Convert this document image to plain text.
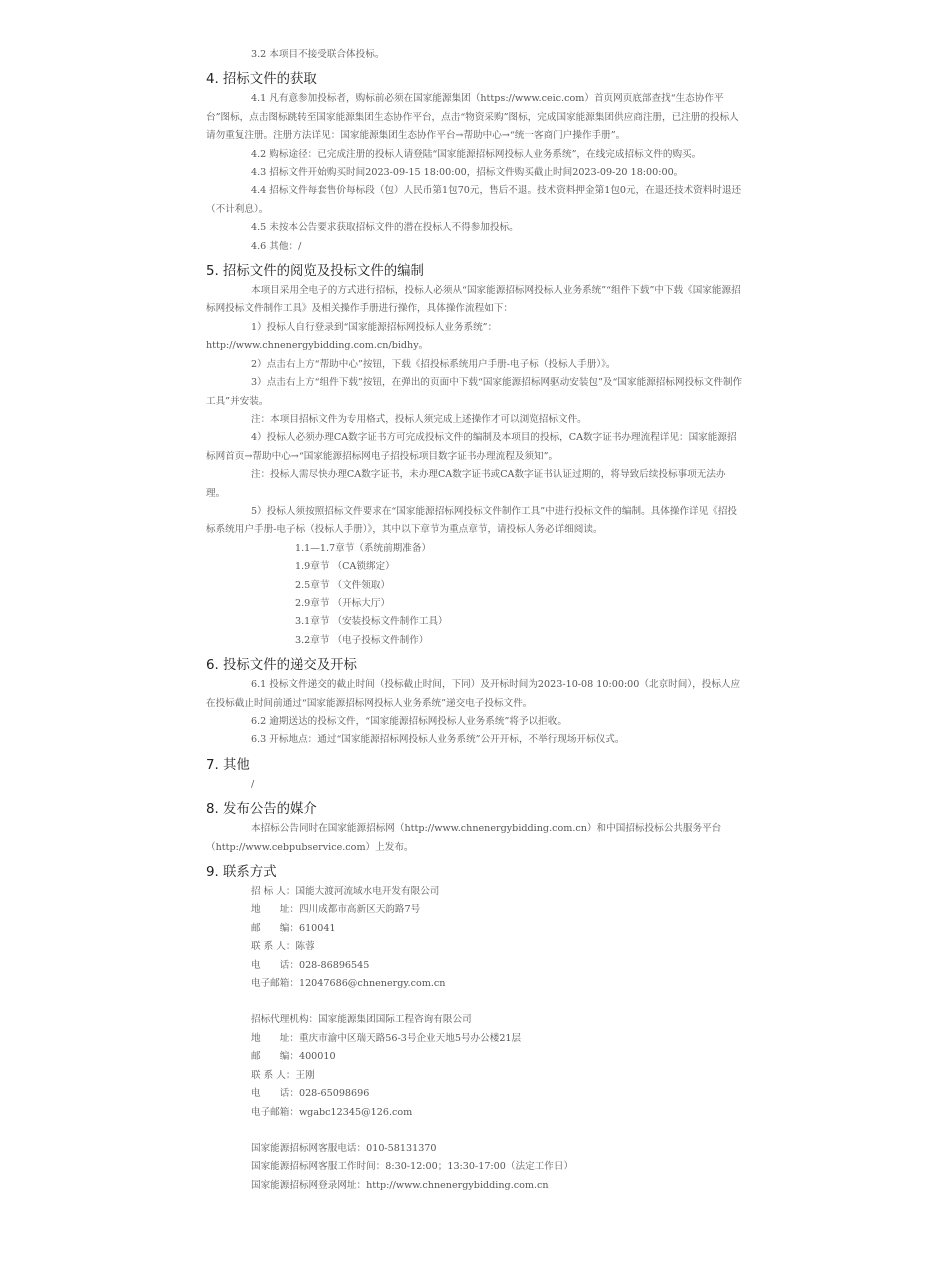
3.2 本项目不接受联合体投标。

4. 招标文件的获取

4.1 凡有意参加投标者，购标前必须在国家能源集团（https://www.ceic.com）首页网页底部查找“生态协作平台”图标，点击图标跳转至国家能源集团生态协作平台，点击“物资采购”图标，完成国家能源集团供应商注册，已注册的投标人请勿重复注册。注册方法详见：国家能源集团生态协作平台→帮助中心→“统一客商门户操作手册”。

4.2 购标途径：已完成注册的投标人请登陆“国家能源招标网投标人业务系统”，在线完成招标文件的购买。

4.3 招标文件开始购买时间2023-09-15 18:00:00，招标文件购买截止时间2023-09-20 18:00:00。

4.4 招标文件每套售价每标段（包）人民币第1包70元，售后不退。技术资料押金第1包0元，在退还技术资料时退还（不计利息）。

4.5 未按本公告要求获取招标文件的潜在投标人不得参加投标。

4.6 其他：/

5. 招标文件的阅览及投标文件的编制

本项目采用全电子的方式进行招标，投标人必须从“国家能源招标网投标人业务系统”“组件下载”中下载《国家能源招标网投标文件制作工具》及相关操作手册进行操作，具体操作流程如下：

1）投标人自行登录到“国家能源招标网投标人业务系统”：

http://www.chnenergybidding.com.cn/bidhy。

2）点击右上方“帮助中心”按钮，下载《招投标系统用户手册-电子标（投标人手册）》。

3）点击右上方“组件下载”按钮，在弹出的页面中下载“国家能源招标网驱动安装包”及“国家能源招标网投标文件制作工具”并安装。

注：本项目招标文件为专用格式，投标人须完成上述操作才可以浏览招标文件。

4）投标人必须办理CA数字证书方可完成投标文件的编制及本项目的投标，CA数字证书办理流程详见：国家能源招标网首页→帮助中心→“国家能源招标网电子招投标项目数字证书办理流程及须知”。

注：投标人需尽快办理CA数字证书，未办理CA数字证书或CA数字证书认证过期的，将导致后续投标事项无法办理。

5）投标人须按照招标文件要求在“国家能源招标网投标文件制作工具”中进行投标文件的编制。具体操作详见《招投标系统用户手册-电子标（投标人手册）》，其中以下章节为重点章节，请投标人务必详细阅读。

1.1—1.7章节（系统前期准备）

1.9章节 （CA锁绑定）

2.5章节 （文件领取）

2.9章节 （开标大厅）

3.1章节 （安装投标文件制作工具）

3.2章节 （电子投标文件制作）

6. 投标文件的递交及开标

6.1 投标文件递交的截止时间（投标截止时间，下同）及开标时间为2023-10-08 10:00:00（北京时间），投标人应在投标截止时间前通过“国家能源招标网投标人业务系统”递交电子投标文件。

6.2 逾期送达的投标文件，“国家能源招标网投标人业务系统”将予以拒收。

6.3 开标地点：通过“国家能源招标网投标人业务系统”公开开标，不举行现场开标仪式。

7. 其他

/

8. 发布公告的媒介

本招标公告同时在国家能源招标网（http://www.chnenergybidding.com.cn）和中国招标投标公共服务平台（http://www.cebpubservice.com）上发布。

9. 联系方式

招 标 人：国能大渡河流域水电开发有限公司

地　　址：四川成都市高新区天韵路7号

邮　　编：610041

联 系 人：陈蓉

电　　话：028-86896545

电子邮箱：12047686@chnenergy.com.cn

招标代理机构：国家能源集团国际工程咨询有限公司

地　　址：重庆市渝中区瑞天路56-3号企业天地5号办公楼21层

邮　　编：400010

联 系 人：王刚

电　　话：028-65098696

电子邮箱：wgabc12345@126.com

国家能源招标网客服电话：010-58131370

国家能源招标网客服工作时间：8:30-12:00；13:30-17:00（法定工作日）

国家能源招标网登录网址：http://www.chnenergybidding.com.cn
